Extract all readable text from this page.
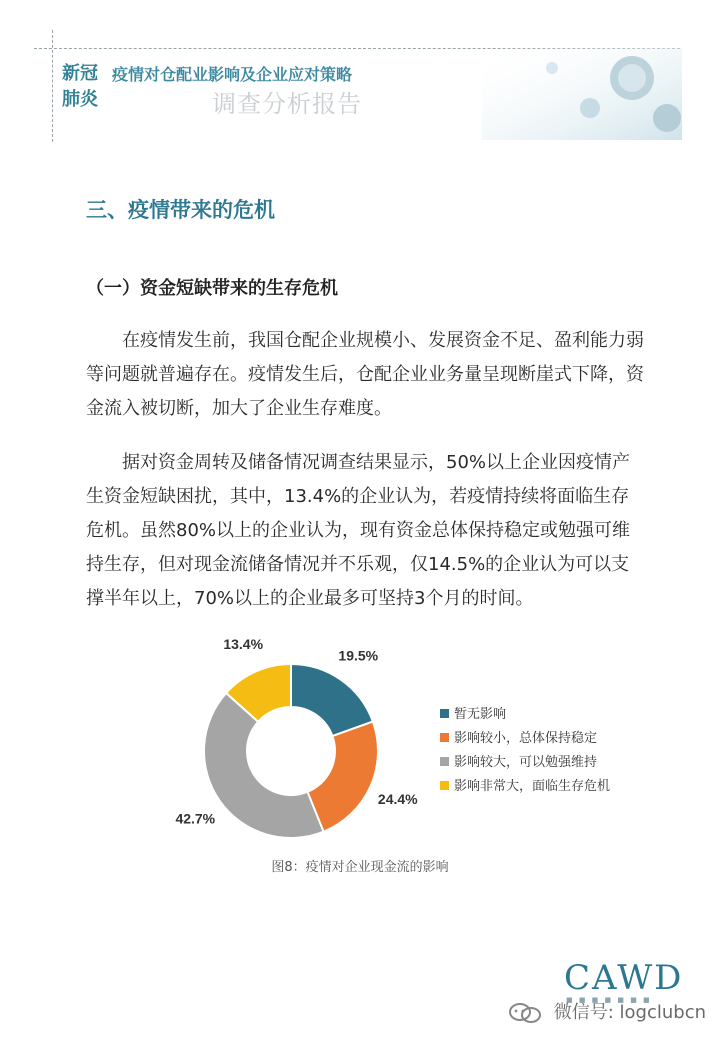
新冠
肺炎
疫情对仓配业影响及企业应对策略
调查分析报告
三、疫情带来的危机
（一）资金短缺带来的生存危机
在疫情发生前，我国仓配企业规模小、发展资金不足、盈利能力弱等问题就普遍存在。疫情发生后，仓配企业业务量呈现断崖式下降，资金流入被切断，加大了企业生存难度。
据对资金周转及储备情况调查结果显示，50%以上企业因疫情产生资金短缺困扰，其中，13.4%的企业认为，若疫情持续将面临生存危机。虽然80%以上的企业认为，现有资金总体保持稳定或勉强可维持生存，但对现金流储备情况并不乐观，仅14.5%的企业认为可以支撑半年以上，70%以上的企业最多可坚持3个月的时间。
19.5%
24.4%
42.7%
13.4%
暂无影响
影响较小，总体保持稳定
影响较大，可以勉强维持
影响非常大，面临生存危机
图8：疫情对企业现金流的影响
CAWD
■ ■ ■ ■ ■ ■ ■
微信号: logclubcn
